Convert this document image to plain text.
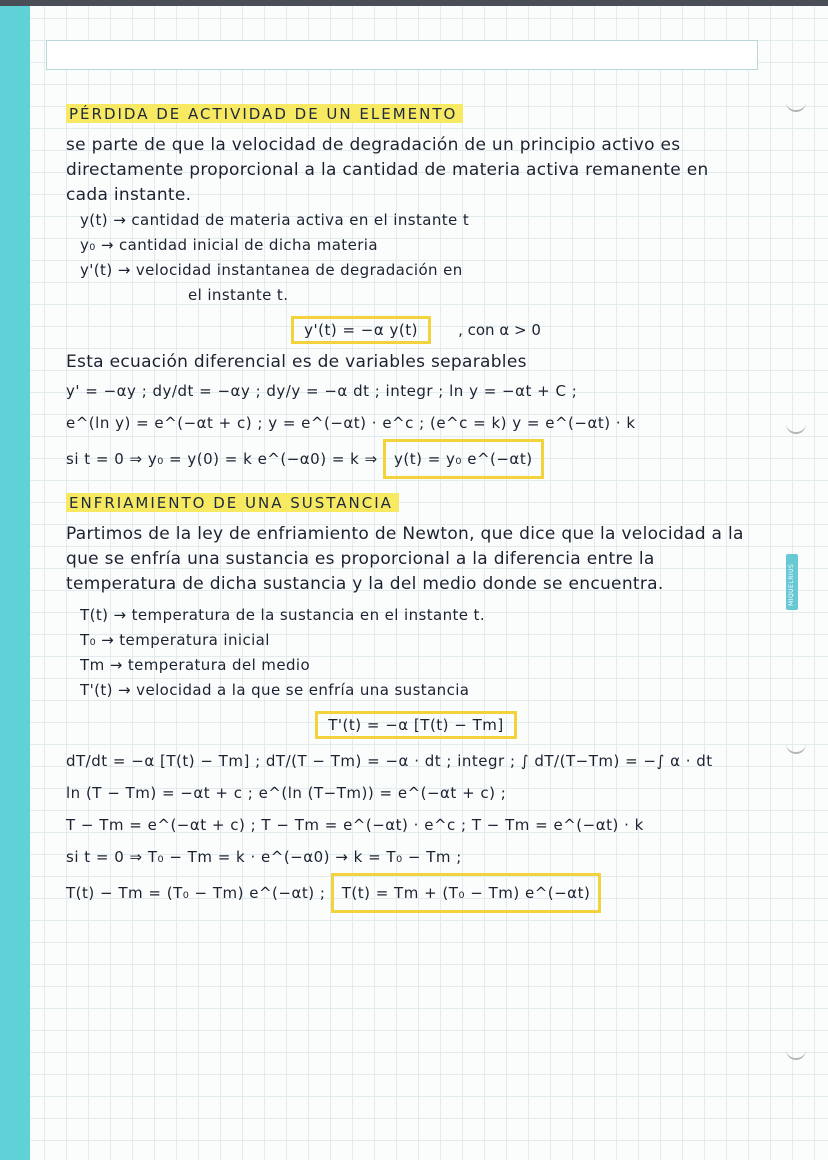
MIQUELRIUS
PÉRDIDA DE ACTIVIDAD DE UN ELEMENTO

se parte de que la velocidad de degradación de un principio activo es directamente proporcional a la cantidad de materia activa remanente en cada instante.

y(t) → cantidad de materia activa en el instante t

y₀ → cantidad inicial de dicha materia

y'(t) → velocidad instantanea de degradación en

el instante t.

y'(t) = −α y(t)	, con α > 0

Esta ecuación diferencial es de variables separables

y' = −αy ; dy/dt = −αy ; dy/y = −α dt ; integr ; ln y = −αt + C ;

e^(ln y) = e^(−αt + c) ; y = e^(−αt) · e^c ; (e^c = k) y = e^(−αt) · k

si t = 0 ⇒ y₀ = y(0) = k e^(−α0) = k ⇒ y(t) = y₀ e^(−αt)

ENFRIAMIENTO DE UNA SUSTANCIA

Partimos de la ley de enfriamiento de Newton, que dice que la velocidad a la que se enfría una sustancia es proporcional a la diferencia entre la temperatura de dicha sustancia y la del medio donde se encuentra.

T(t) → temperatura de la sustancia en el instante t.

T₀ → temperatura inicial

Tm → temperatura del medio

T'(t) → velocidad a la que se enfría una sustancia

T'(t) = −α [T(t) − Tm]

dT/dt = −α [T(t) − Tm] ; dT/(T − Tm) = −α · dt ; integr ; ∫ dT/(T−Tm) = −∫ α · dt

ln (T − Tm) = −αt + c ; e^(ln (T−Tm)) = e^(−αt + c) ;

T − Tm = e^(−αt + c) ; T − Tm = e^(−αt) · e^c ; T − Tm = e^(−αt) · k

si t = 0 ⇒ T₀ − Tm = k · e^(−α0) → k = T₀ − Tm ;

T(t) − Tm = (T₀ − Tm) e^(−αt) ; T(t) = Tm + (T₀ − Tm) e^(−αt)
